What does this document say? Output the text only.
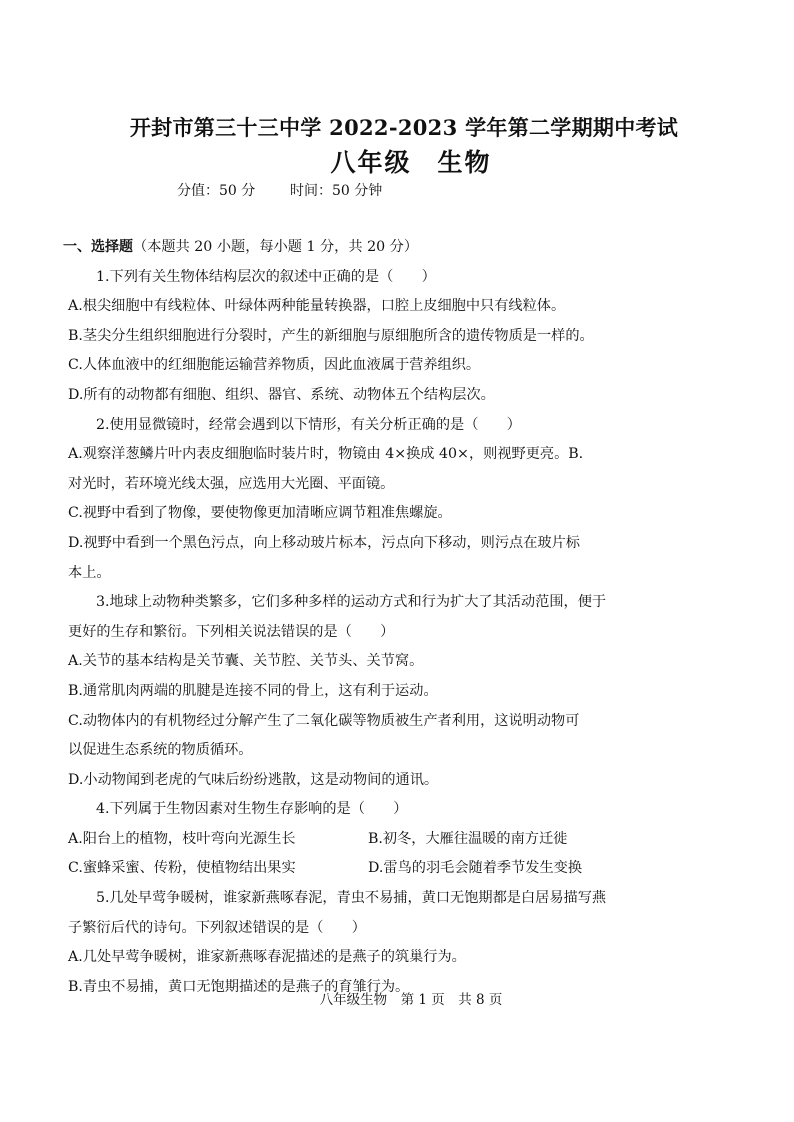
开封市第三十三中学 2022-2023 学年第二学期期中考试
八年级 生物
分值：50 分 时间：50 分钟
一、选择题（本题共 20 小题，每小题 1 分，共 20 分）
1.下列有关生物体结构层次的叙述中正确的是（　　）
A.根尖细胞中有线粒体、叶绿体两种能量转换器，口腔上皮细胞中只有线粒体。
B.茎尖分生组织细胞进行分裂时，产生的新细胞与原细胞所含的遗传物质是一样的。
C.人体血液中的红细胞能运输营养物质，因此血液属于营养组织。
D.所有的动物都有细胞、组织、器官、系统、动物体五个结构层次。
2.使用显微镜时，经常会遇到以下情形，有关分析正确的是（　　）
A.观察洋葱鳞片叶内表皮细胞临时装片时，物镜由 4×换成 40×，则视野更亮。B.
对光时，若环境光线太强，应选用大光圈、平面镜。
C.视野中看到了物像，要使物像更加清晰应调节粗准焦螺旋。
D.视野中看到一个黑色污点，向上移动玻片标本，污点向下移动，则污点在玻片标
本上。
3.地球上动物种类繁多，它们多种多样的运动方式和行为扩大了其活动范围，便于
更好的生存和繁衍。下列相关说法错误的是（　　）
A.关节的基本结构是关节囊、关节腔、关节头、关节窝。
B.通常肌肉两端的肌腱是连接不同的骨上，这有利于运动。
C.动物体内的有机物经过分解产生了二氧化碳等物质被生产者利用，这说明动物可
以促进生态系统的物质循环。
D.小动物闻到老虎的气味后纷纷逃散，这是动物间的通讯。
4.下列属于生物因素对生物生存影响的是（　　）
A.阳台上的植物，枝叶弯向光源生长	B.初冬，大雁往温暖的南方迁徙
C.蜜蜂采蜜、传粉，使植物结出果实	D.雷鸟的羽毛会随着季节发生变换
5.几处早莺争暖树，谁家新燕啄春泥，青虫不易捕，黄口无饱期都是白居易描写燕
子繁衍后代的诗句。下列叙述错误的是（　　）
A.几处早莺争暖树，谁家新燕啄春泥描述的是燕子的筑巢行为。
B.青虫不易捕，黄口无饱期描述的是燕子的育雏行为。
八年级生物　第 1 页　共 8 页
